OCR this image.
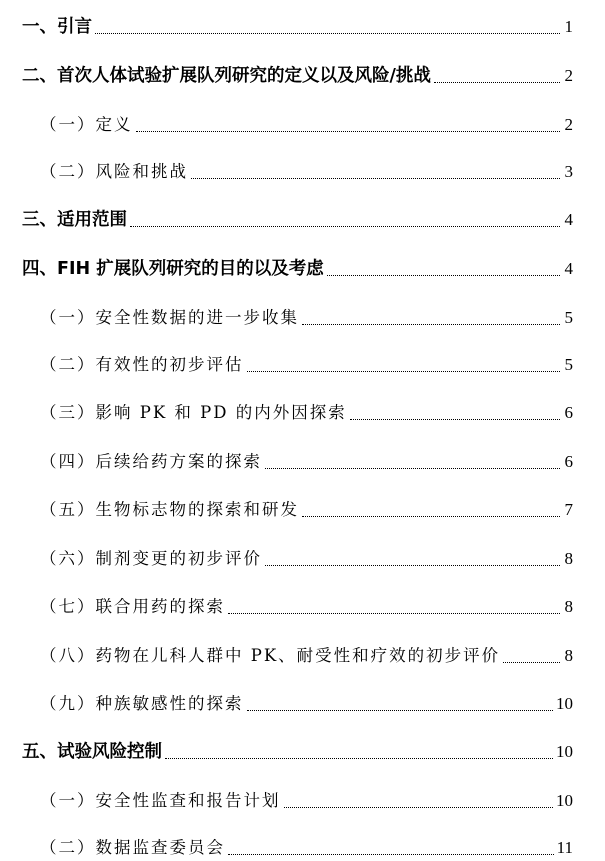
一、引言	1
二、首次人体试验扩展队列研究的定义以及风险/挑战	2
（一）定义	2
（二）风险和挑战	3
三、适用范围	4
四、FIH 扩展队列研究的目的以及考虑	4
（一）安全性数据的进一步收集	5
（二）有效性的初步评估	5
（三）影响 PK 和 PD 的内外因探索	6
（四）后续给药方案的探索	6
（五）生物标志物的探索和研发	7
（六）制剂变更的初步评价	8
（七）联合用药的探索	8
（八）药物在儿科人群中 PK、耐受性和疗效的初步评价	8
（九）种族敏感性的探索	10
五、试验风险控制	10
（一）安全性监查和报告计划	10
（二）数据监查委员会	11
